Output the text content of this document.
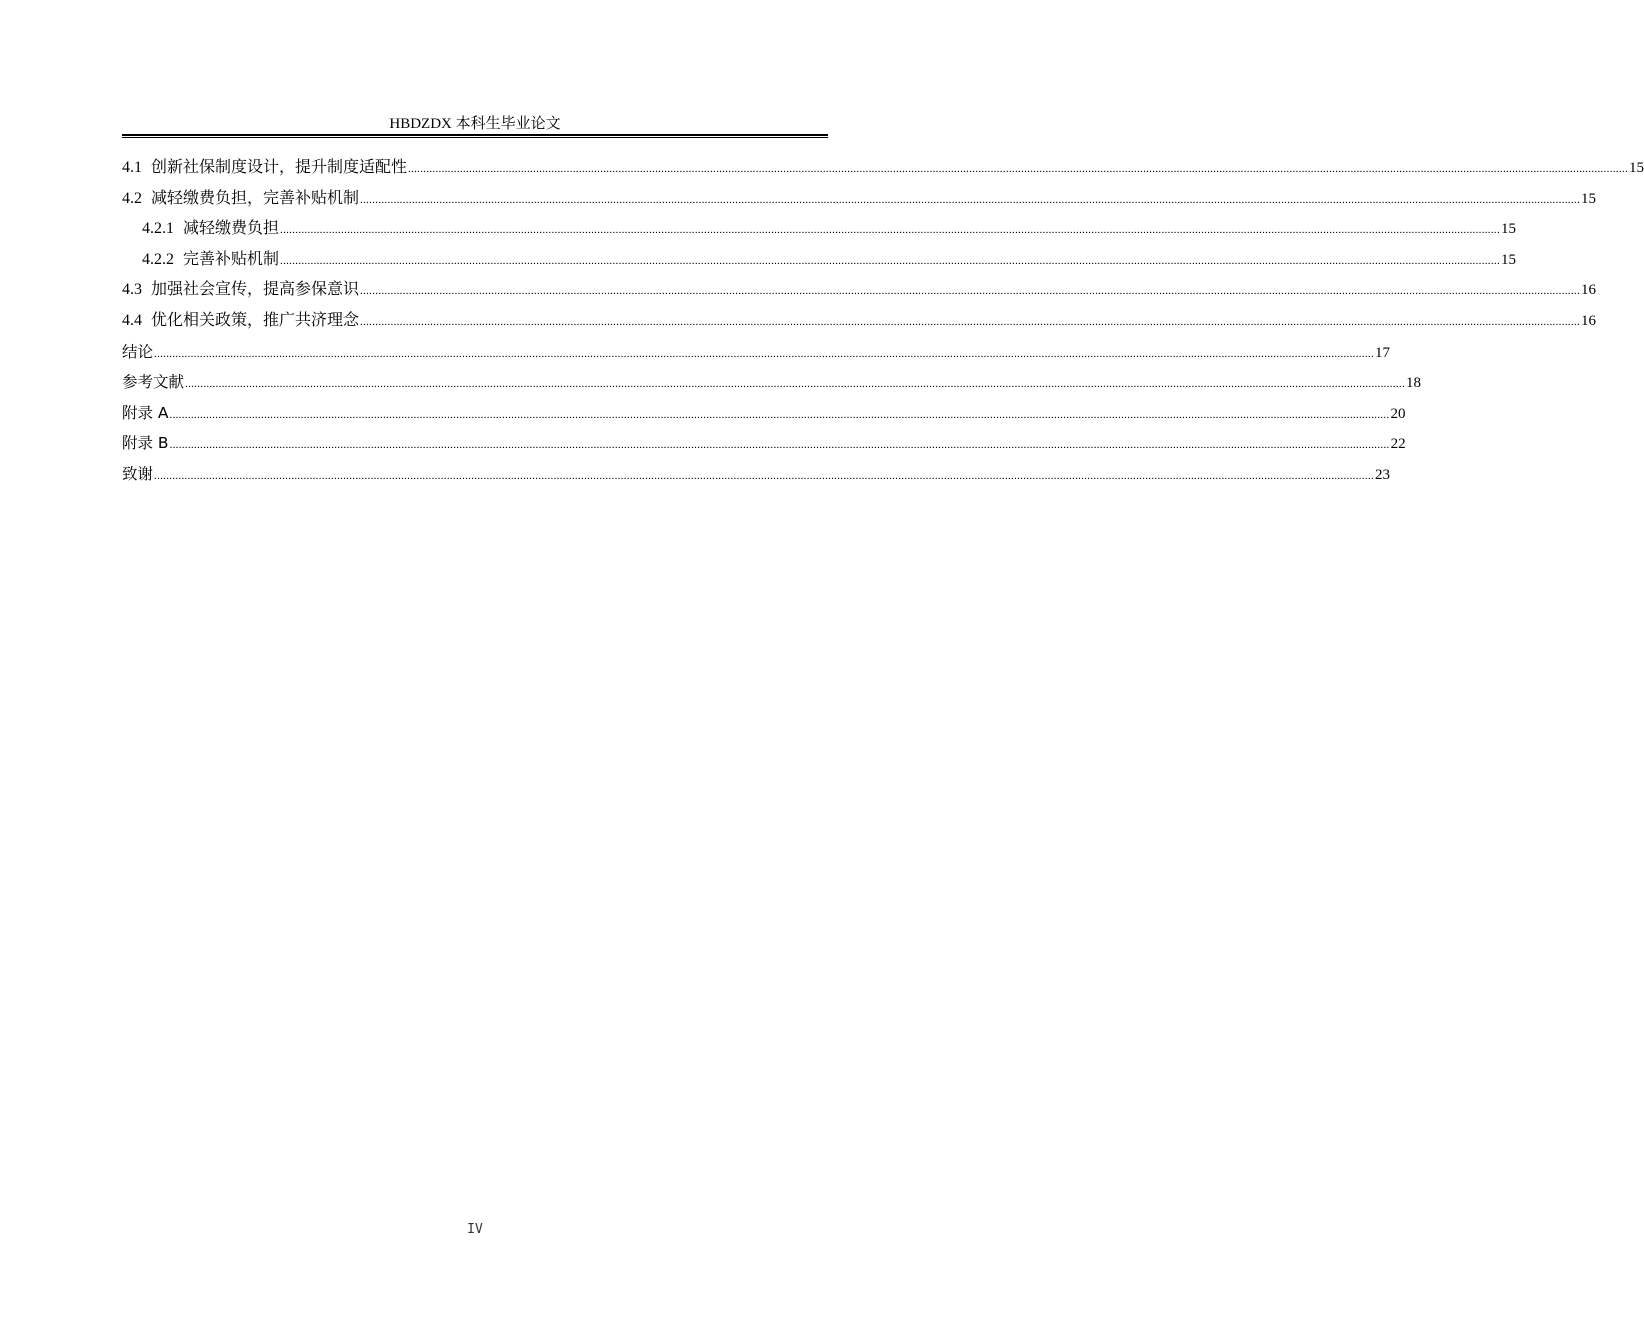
HBDZDX 本科生毕业论文
4.1 创新社保制度设计，提升制度适配性 ................................................................................................................................................................................................................................................................................................................................................................................................................ 15
4.2 减轻缴费负担，完善补贴机制 ................................................................................................................................................................................................................................................................................................................................................................................................................ 15
4.2.1 减轻缴费负担 ................................................................................................................................................................................................................................................................................................................................................................................................................ 15
4.2.2 完善补贴机制 ................................................................................................................................................................................................................................................................................................................................................................................................................ 15
4.3 加强社会宣传，提高参保意识 ................................................................................................................................................................................................................................................................................................................................................................................................................ 16
4.4 优化相关政策，推广共济理念 ................................................................................................................................................................................................................................................................................................................................................................................................................ 16
结论 ................................................................................................................................................................................................................................................................................................................................................................................................................ 17
参考文献 ................................................................................................................................................................................................................................................................................................................................................................................................................ 18
附录 A ................................................................................................................................................................................................................................................................................................................................................................................................................ 20
附录 B ................................................................................................................................................................................................................................................................................................................................................................................................................ 22
致谢 ................................................................................................................................................................................................................................................................................................................................................................................................................ 23
IV
